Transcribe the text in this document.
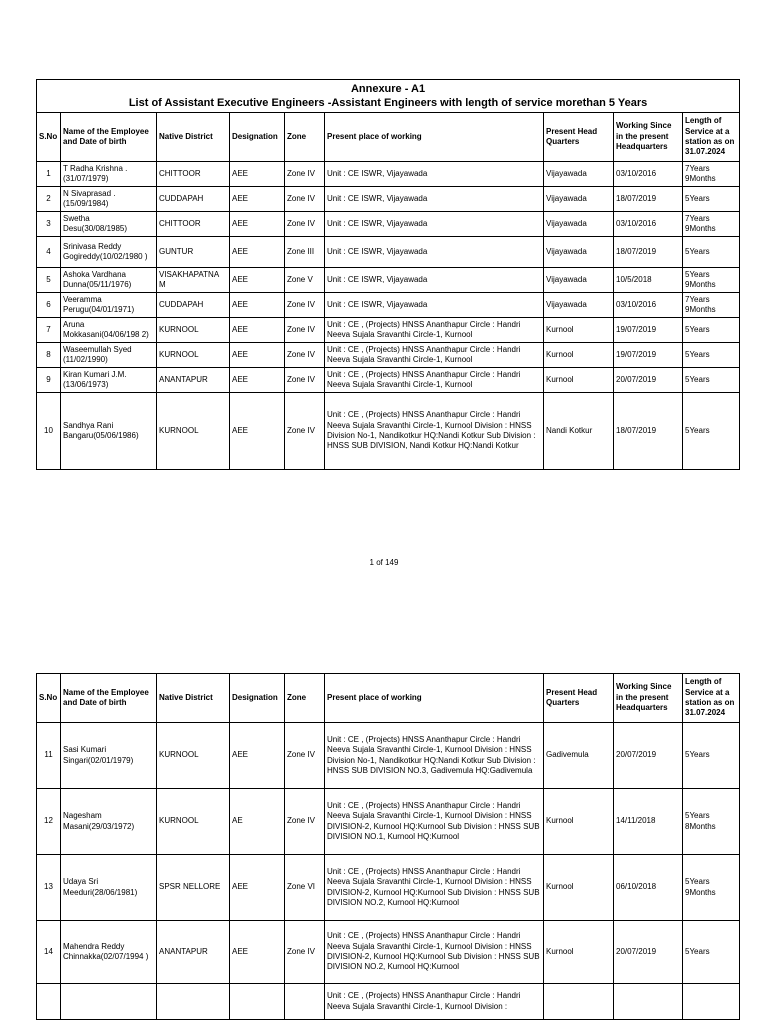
Annexure - A1
List of Assistant Executive Engineers -Assistant Engineers with length of service morethan 5 Years								

S.No	Name of the Employee and Date of birth	Native District	Designation	Zone	Present place of working	Present Head Quarters	Working Since in the present Headquarters	Length of Service at a station as on 31.07.2024
1	T Radha Krishna .(31/07/1979)	CHITTOOR	AEE	Zone IV	Unit : CE ISWR, Vijayawada	Vijayawada	03/10/2016	7Years 9Months
2	N Sivaprasad .(15/09/1984)	CUDDAPAH	AEE	Zone IV	Unit : CE ISWR, Vijayawada	Vijayawada	18/07/2019	5Years
3	Swetha Desu(30/08/1985)	CHITTOOR	AEE	Zone IV	Unit : CE ISWR, Vijayawada	Vijayawada	03/10/2016	7Years 9Months
4	Srinivasa Reddy Gogireddy(10/02/1980 )	GUNTUR	AEE	Zone III	Unit : CE ISWR, Vijayawada	Vijayawada	18/07/2019	5Years
5	Ashoka Vardhana Dunna(05/11/1976)	VISAKHAPATNA M	AEE	Zone V	Unit : CE ISWR, Vijayawada	Vijayawada	10/5/2018	5Years 9Months
6	Veeramma Perugu(04/01/1971)	CUDDAPAH	AEE	Zone IV	Unit : CE ISWR, Vijayawada	Vijayawada	03/10/2016	7Years 9Months
7	Aruna Mokkasani(04/06/198 2)	KURNOOL	AEE	Zone IV	Unit : CE , (Projects) HNSS Ananthapur Circle : Handri Neeva Sujala Sravanthi Circle-1, Kurnool	Kurnool	19/07/2019	5Years
8	Waseemullah Syed (11/02/1990)	KURNOOL	AEE	Zone IV	Unit : CE , (Projects) HNSS Ananthapur Circle : Handri Neeva Sujala Sravanthi Circle-1, Kurnool	Kurnool	19/07/2019	5Years
9	Kiran Kumari J.M.(13/06/1973)	ANANTAPUR	AEE	Zone IV	Unit : CE , (Projects) HNSS Ananthapur Circle : Handri Neeva Sujala Sravanthi Circle-1, Kurnool	Kurnool	20/07/2019	5Years
10	Sandhya Rani Bangaru(05/06/1986)	KURNOOL	AEE	Zone IV	Unit : CE , (Projects) HNSS Ananthapur Circle : Handri Neeva Sujala Sravanthi Circle-1, Kurnool Division : HNSS Division No-1, Nandikotkur HQ:Nandi Kotkur Sub Division : HNSS SUB DIVISION, Nandi Kotkur HQ:Nandi Kotkur	Nandi Kotkur	18/07/2019	5Years
1 of 149
S.No	Name of the Employee and Date of birth	Native District	Designation	Zone	Present place of working	Present Head Quarters	Working Since in the present Headquarters	Length of Service at a station as on 31.07.2024
11	Sasi Kumari Singari(02/01/1979)	KURNOOL	AEE	Zone IV	Unit : CE , (Projects) HNSS Ananthapur Circle : Handri Neeva Sujala Sravanthi Circle-1, Kurnool Division : HNSS Division No-1, Nandikotkur HQ:Nandi Kotkur Sub Division : HNSS SUB DIVISION NO.3, Gadivemula HQ:Gadivemula	Gadivemula	20/07/2019	5Years
12	Nagesham Masani(29/03/1972)	KURNOOL	AE	Zone IV	Unit : CE , (Projects) HNSS Ananthapur Circle : Handri Neeva Sujala Sravanthi Circle-1, Kurnool Division : HNSS DIVISION-2, Kurnool HQ:Kurnool Sub Division : HNSS SUB DIVISION NO.1, Kurnool HQ:Kurnool	Kurnool	14/11/2018	5Years 8Months
13	Udaya Sri Meeduri(28/06/1981)	SPSR NELLORE	AEE	Zone VI	Unit : CE , (Projects) HNSS Ananthapur Circle : Handri Neeva Sujala Sravanthi Circle-1, Kurnool Division : HNSS DIVISION-2, Kurnool HQ:Kurnool Sub Division : HNSS SUB DIVISION NO.2, Kurnool HQ:Kurnool	Kurnool	06/10/2018	5Years 9Months
14	Mahendra Reddy Chinnakka(02/07/1994 )	ANANTAPUR	AEE	Zone IV	Unit : CE , (Projects) HNSS Ananthapur Circle : Handri Neeva Sujala Sravanthi Circle-1, Kurnool Division : HNSS DIVISION-2, Kurnool HQ:Kurnool Sub Division : HNSS SUB DIVISION NO.2, Kurnool HQ:Kurnool	Kurnool	20/07/2019	5Years
					Unit : CE , (Projects) HNSS Ananthapur Circle : Handri Neeva Sujala Sravanthi Circle-1, Kurnool Division :			
